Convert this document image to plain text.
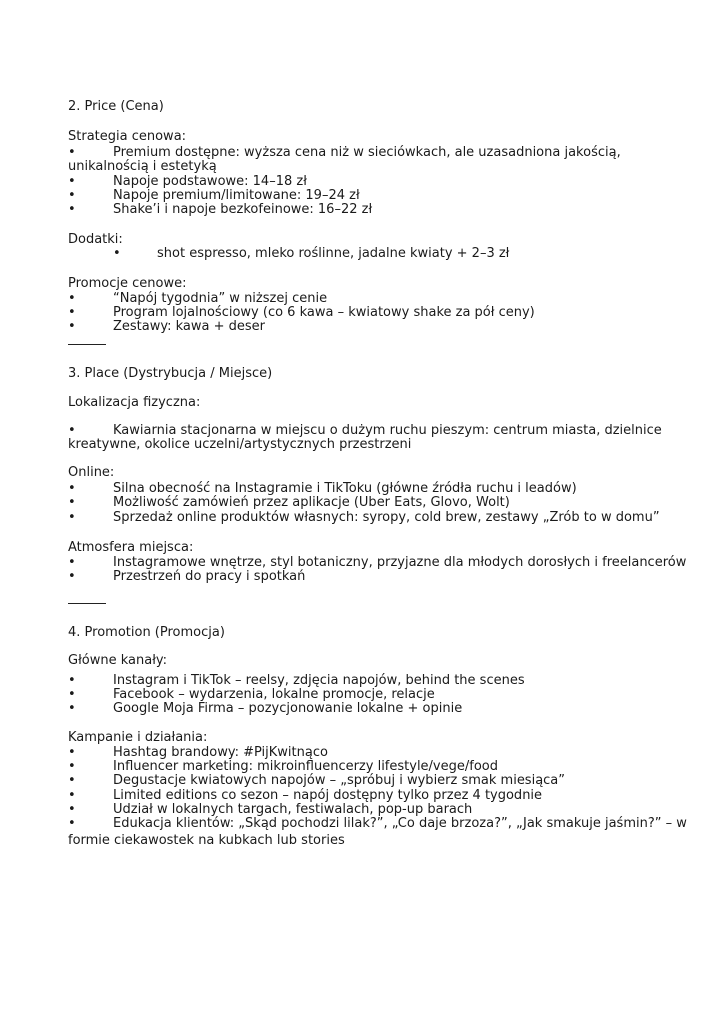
2. Price (Cena)
Strategia cenowa:
•	Premium dostępne: wyższa cena niż w sieciówkach, ale uzasadniona jakością,
unikalnością i estetyką
•	Napoje podstawowe: 14–18 zł
•	Napoje premium/limitowane: 19–24 zł
•	Shake’i i napoje bezkofeinowe: 16–22 zł
Dodatki:
•	shot espresso, mleko roślinne, jadalne kwiaty + 2–3 zł
Promocje cenowe:
•	“Napój tygodnia” w niższej cenie
•	Program lojalnościowy (co 6 kawa – kwiatowy shake za pół ceny)
•	Zestawy: kawa + deser
3. Place (Dystrybucja / Miejsce)
Lokalizacja fizyczna:
•	Kawiarnia stacjonarna w miejscu o dużym ruchu pieszym: centrum miasta, dzielnice
kreatywne, okolice uczelni/artystycznych przestrzeni
Online:
•	Silna obecność na Instagramie i TikToku (główne źródła ruchu i leadów)
•	Możliwość zamówień przez aplikacje (Uber Eats, Glovo, Wolt)
•	Sprzedaż online produktów własnych: syropy, cold brew, zestawy „Zrób to w domu”
Atmosfera miejsca:
•	Instagramowe wnętrze, styl botaniczny, przyjazne dla młodych dorosłych i freelancerów
•	Przestrzeń do pracy i spotkań
4. Promotion (Promocja)
Główne kanały:
•	Instagram i TikTok – reelsy, zdjęcia napojów, behind the scenes
•	Facebook – wydarzenia, lokalne promocje, relacje
•	Google Moja Firma – pozycjonowanie lokalne + opinie
Kampanie i działania:
•	Hashtag brandowy: #PijKwitnąco
•	Influencer marketing: mikroinfluencerzy lifestyle/vege/food
•	Degustacje kwiatowych napojów – „spróbuj i wybierz smak miesiąca”
•	Limited editions co sezon – napój dostępny tylko przez 4 tygodnie
•	Udział w lokalnych targach, festiwalach, pop-up barach
•	Edukacja klientów: „Skąd pochodzi lilak?”, „Co daje brzoza?”, „Jak smakuje jaśmin?” – w
formie ciekawostek na kubkach lub stories
